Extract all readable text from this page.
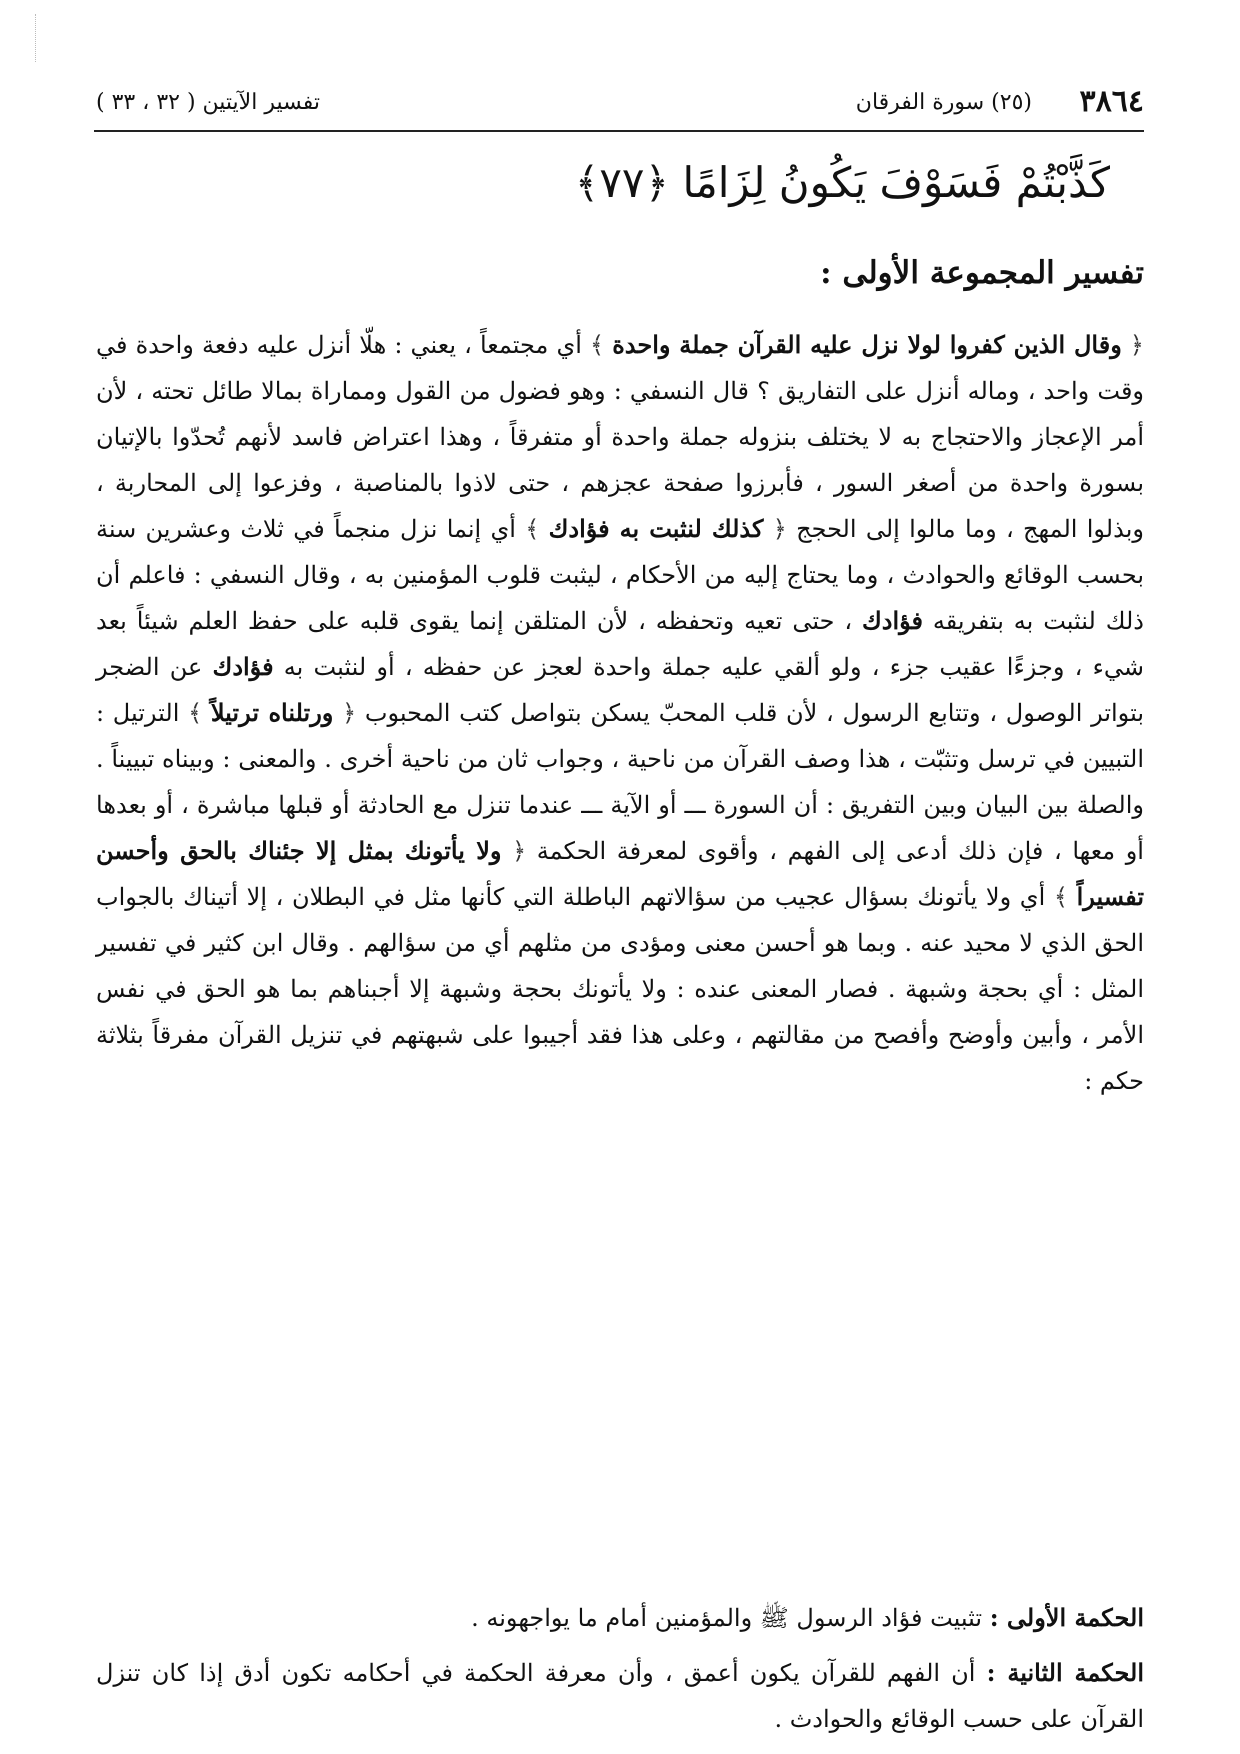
٣٨٦٤
(٢٥) سورة الفرقان
تفسير الآيتين ( ٣٢ ، ٣٣ )
كَذَّبْتُمْ فَسَوْفَ يَكُونُ لِزَامًا ﴿٧٧﴾
تفسير المجموعة الأولى :

﴿ وقال الذين كفروا لولا نزل عليه القرآن جملة واحدة ﴾ أي مجتمعاً ، يعني : هلّا أنزل عليه دفعة واحدة في وقت واحد ، وماله أنزل على التفاريق ؟ قال النسفي : وهو فضول من القول ومماراة بمالا طائل تحته ، لأن أمر الإعجاز والاحتجاج به لا يختلف بنزوله جملة واحدة أو متفرقاً ، وهذا اعتراض فاسد لأنهم تُحدّوا بالإتيان بسورة واحدة من أصغر السور ، فأبرزوا صفحة عجزهم ، حتى لاذوا بالمناصبة ، وفزعوا إلى المحاربة ، وبذلوا المهج ، وما مالوا إلى الحجج ﴿ كذلك لنثبت به فؤادك ﴾ أي إنما نزل منجماً في ثلاث وعشرين سنة بحسب الوقائع والحوادث ، وما يحتاج إليه من الأحكام ، ليثبت قلوب المؤمنين به ، وقال النسفي : فاعلم أن ذلك لنثبت به بتفريقه فؤادك ، حتى تعيه وتحفظه ، لأن المتلقن إنما يقوى قلبه على حفظ العلم شيئاً بعد شيء ، وجزءًا عقيب جزء ، ولو ألقي عليه جملة واحدة لعجز عن حفظه ، أو لنثبت به فؤادك عن الضجر بتواتر الوصول ، وتتابع الرسول ، لأن قلب المحبّ يسكن بتواصل كتب المحبوب ﴿ ورتلناه ترتيلاً ﴾ الترتيل : التبيين في ترسل وتثبّت ، هذا وصف القرآن من ناحية ، وجواب ثان من ناحية أخرى . والمعنى : وبيناه تبييناً . والصلة بين البيان وبين التفريق : أن السورة ـــ أو الآية ـــ عندما تنزل مع الحادثة أو قبلها مباشرة ، أو بعدها أو معها ، فإن ذلك أدعى إلى الفهم ، وأقوى لمعرفة الحكمة ﴿ ولا يأتونك بمثل إلا جئناك بالحق وأحسن تفسيراً ﴾ أي ولا يأتونك بسؤال عجيب من سؤالاتهم الباطلة التي كأنها مثل في البطلان ، إلا أتيناك بالجواب الحق الذي لا محيد عنه . وبما هو أحسن معنى ومؤدى من مثلهم أي من سؤالهم . وقال ابن كثير في تفسير المثل : أي بحجة وشبهة . فصار المعنى عنده : ولا يأتونك بحجة وشبهة إلا أجبناهم بما هو الحق في نفس الأمر ، وأبين وأوضح وأفصح من مقالتهم ، وعلى هذا فقد أجيبوا على شبهتهم في تنزيل القرآن مفرقاً بثلاثة حكم :

الحكمة الأولى : تثبيت فؤاد الرسول ﷺ والمؤمنين أمام ما يواجهونه .
الحكمة الثانية : أن الفهم للقرآن يكون أعمق ، وأن معرفة الحكمة في أحكامه تكون أدق إذا كان تنزل القرآن على حسب الوقائع والحوادث .
